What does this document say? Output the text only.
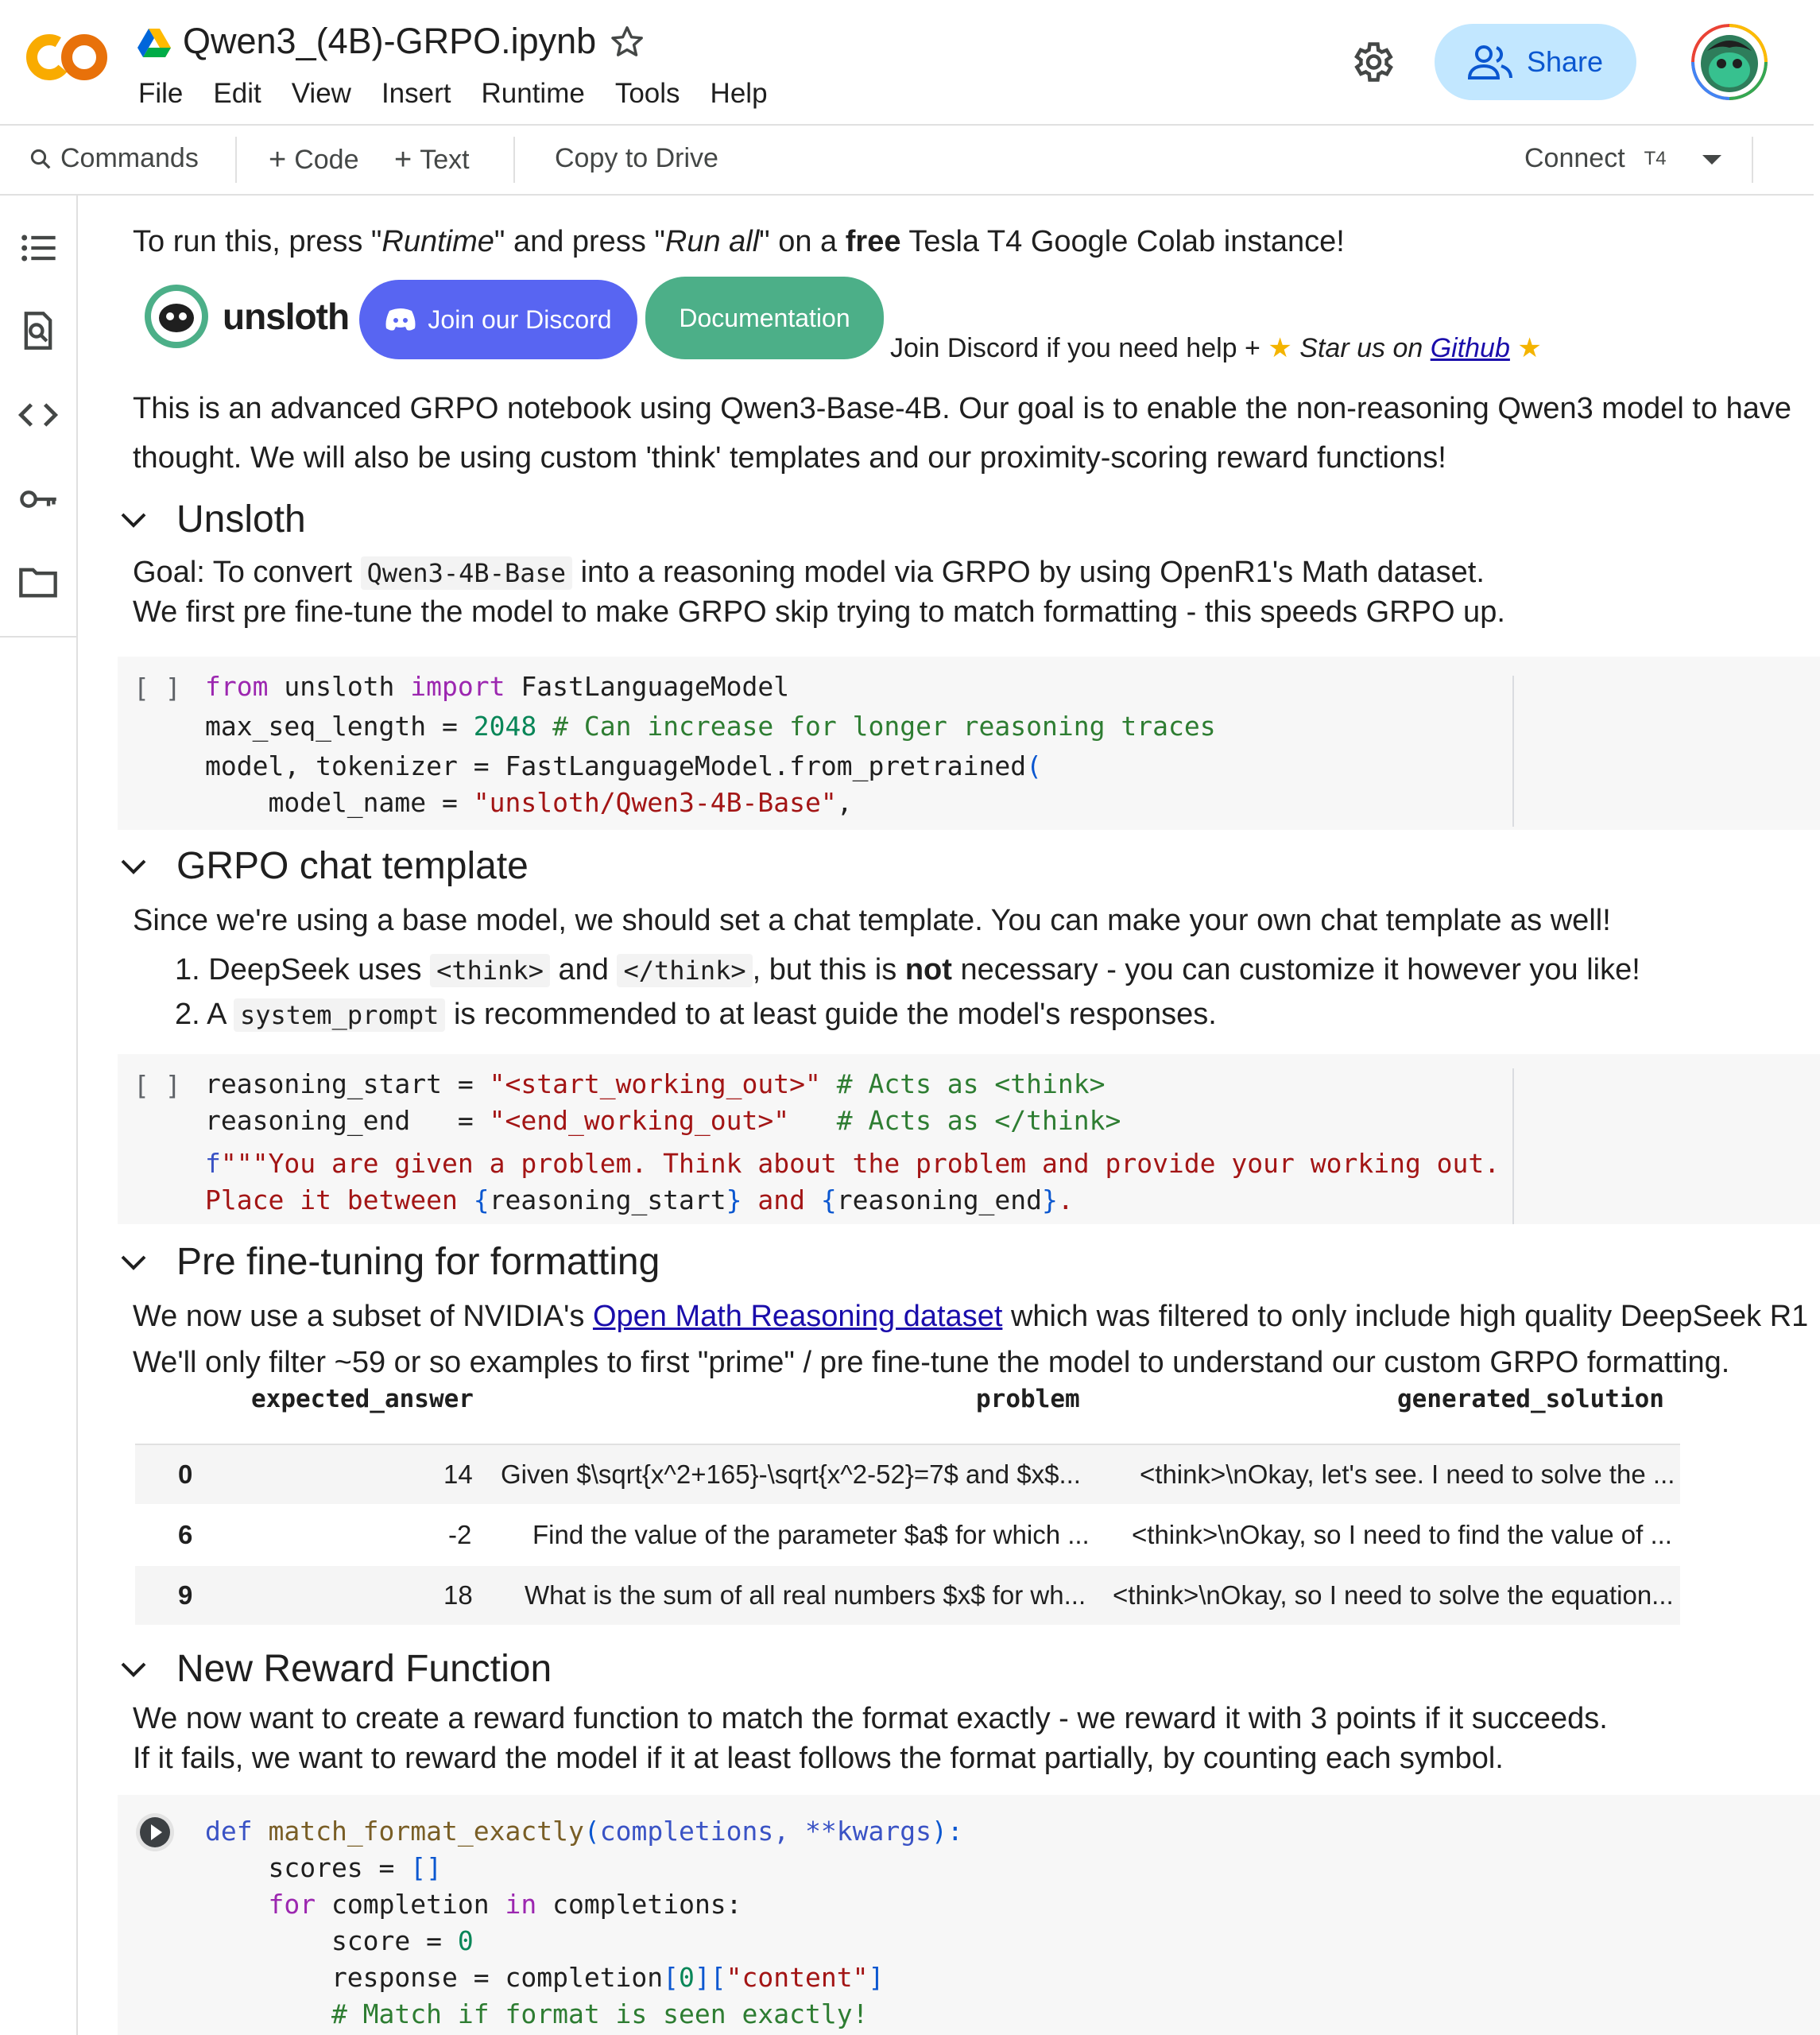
Qwen3_(4B)-GRPO.ipynb
File Edit View Insert Runtime Tools Help
Share
Commands + Code + Text	Copy to Drive	Connect T4
To run this, press "Runtime" and press "Run all" on a free Tesla T4 Google Colab instance!
unsloth	Join our Discord	Documentation
Join Discord if you need help + ★ Star us on Github ★
This is an advanced GRPO notebook using Qwen3-Base-4B. Our goal is to enable the non-reasoning Qwen3 model to have
thought. We will also be using custom 'think' templates and our proximity-scoring reward functions!
Unsloth
Goal: To convert Qwen3-4B-Base into a reasoning model via GRPO by using OpenR1's Math dataset.
We first pre fine-tune the model to make GRPO skip trying to match formatting - this speeds GRPO up.
[ ] from unsloth import FastLanguageModel
max_seq_length = 2048 # Can increase for longer reasoning traces
model, tokenizer = FastLanguageModel.from_pretrained(
model_name = "unsloth/Qwen3-4B-Base",
GRPO chat template
Since we're using a base model, we should set a chat template. You can make your own chat template as well!
1. DeepSeek uses <think> and </think> , but this is not necessary - you can customize it however you like!
2. A system_prompt is recommended to at least guide the model's responses.
[ ] reasoning_start = "<start_working_out>" # Acts as <think>
reasoning_end   = "<end_working_out>"   # Acts as </think>
f"""You are given a problem. Think about the problem and provide your working out.
Place it between {reasoning_start} and {reasoning_end}.
Pre fine-tuning for formatting
We now use a subset of NVIDIA's Open Math Reasoning dataset which was filtered to only include high quality DeepSeek R1
We'll only filter ~59 or so examples to first "prime" / pre fine-tune the model to understand our custom GRPO formatting.
expected_answer	problem	generated_solution
0	14 Given $\sqrt{x^2+165}-\sqrt{x^2-52}=7$ and $x$... <think>\nOkay, let's see. I need to solve the ...
6	-2 Find the value of the parameter $a$ for which ... <think>\nOkay, so I need to find the value of ...
9	18 What is the sum of all real numbers $x$ for wh... <think>\nOkay, so I need to solve the equation...
New Reward Function
We now want to create a reward function to match the format exactly - we reward it with 3 points if it succeeds.
If it fails, we want to reward the model if it at least follows the format partially, by counting each symbol.
def match_format_exactly(completions, **kwargs):
scores = []
for completion in completions:
score = 0
response = completion[0]["content"]
# Match if format is seen exactly!
